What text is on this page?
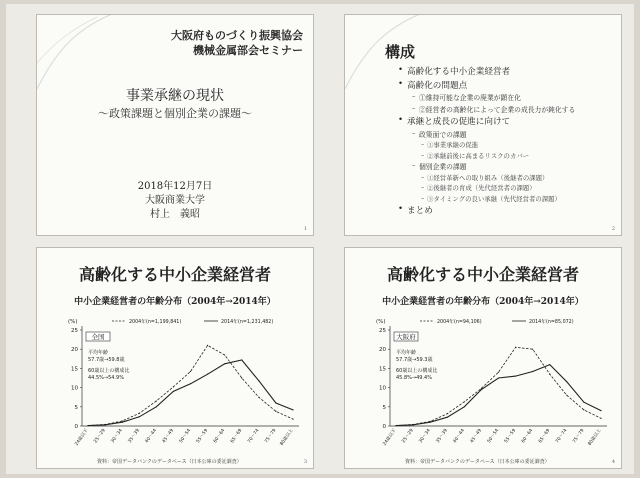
大阪府ものづくり振興協会
機械金属部会セミナー
事業承継の現状
～政策課題と個別企業の課題～
2018年12月7日
大阪商業大学
村上　義昭
1
構成
• 高齢化する中小企業経営者
• 高齢化の問題点
– ①維持可能な企業の廃業が顕在化
– ②経営者の高齢化によって企業の成長力が鈍化する
• 承継と成長の促進に向けて
– 政策面での課題
– ①事業承継の促進
– ②承継前後に高まるリスクのカバー
– 個別企業の課題
– ①経営革新への取り組み（後継者の課題）
– ②後継者の育成（先代経営者の課題）
– ③タイミングの良い承継（先代経営者の課題）
• まとめ
2
高齢化する中小企業経営者
中小企業経営者の年齢分布（2004年→2014年）
0
5
10
15
20
25
(%)
24歳以下 25～29 30～34 35～39 40～44 45～49 50～54 55～59 60～64 65～69 70～74 75～79 80歳以上
2004年(n=1,199,841)	2014年(n=1,231,482)
全国
平均年齢
57.7歳→59.8歳
60歳以上の構成比
44.5%→54.9%
資料：帝国データバンクのデータベース（日本公庫の委託調査）	3
高齢化する中小企業経営者
中小企業経営者の年齢分布（2004年→2014年）
0
5
10
15
20
25
(%)
24歳以下 25～29 30～34 35～39 40～44 45～49 50～54 55～59 60～64 65～69 70～74 75～79 80歳以上
2004年(n=94,106)	2014年(n=85,072)
大阪府
平均年齢
57.7歳→59.3歳
60歳以上の構成比
45.8%→49.4%
資料：帝国データバンクのデータベース（日本公庫の委託調査）	4
